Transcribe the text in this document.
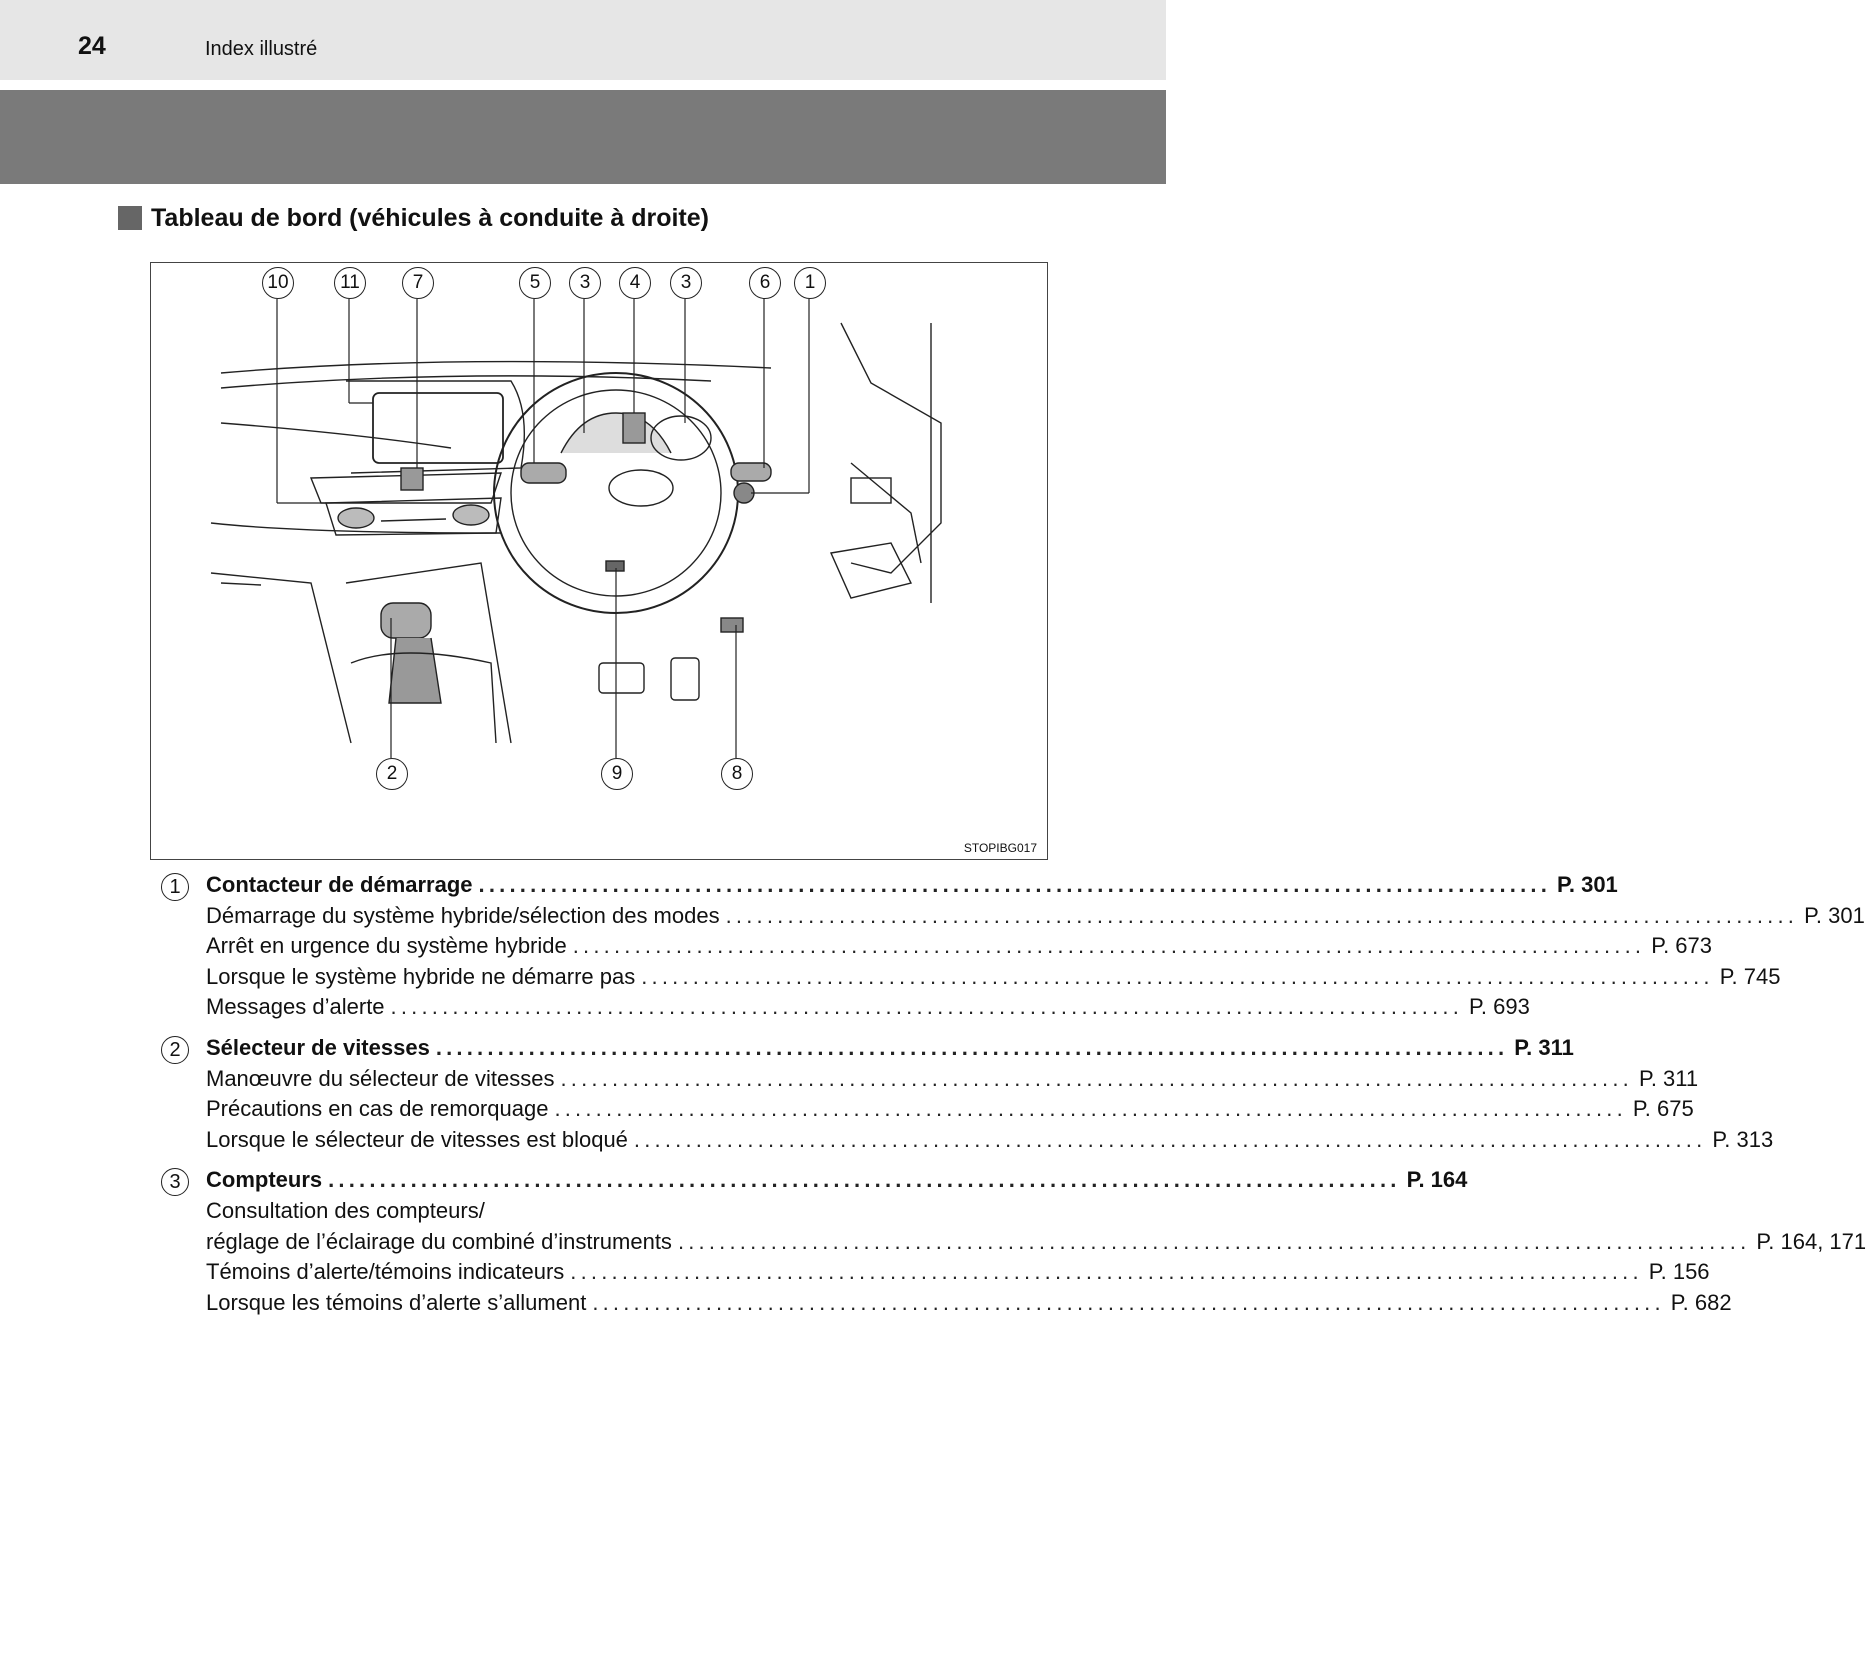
24	Index illustré
Tableau de bord (véhicules à conduite à droite)
10	11	7	5	3	4	3	6	1
2	9	8
STOPIBG017
1	Contacteur de démarrage ........................................................................................................ P. 301
Démarrage du système hybride/sélection des modes ........................................................................................................ P. 301
Arrêt en urgence du système hybride ........................................................................................................ P. 673
Lorsque le système hybride ne démarre pas ........................................................................................................ P. 745
Messages d’alerte ........................................................................................................ P. 693
2	Sélecteur de vitesses ........................................................................................................ P. 311
Manœuvre du sélecteur de vitesses ........................................................................................................ P. 311
Précautions en cas de remorquage ........................................................................................................ P. 675
Lorsque le sélecteur de vitesses est bloqué ........................................................................................................ P. 313
3	Compteurs ........................................................................................................ P. 164
Consultation des compteurs/
réglage de l’éclairage du combiné d’instruments ........................................................................................................ P. 164, 171
Témoins d’alerte/témoins indicateurs ........................................................................................................ P. 156
Lorsque les témoins d’alerte s’allument ........................................................................................................ P. 682
